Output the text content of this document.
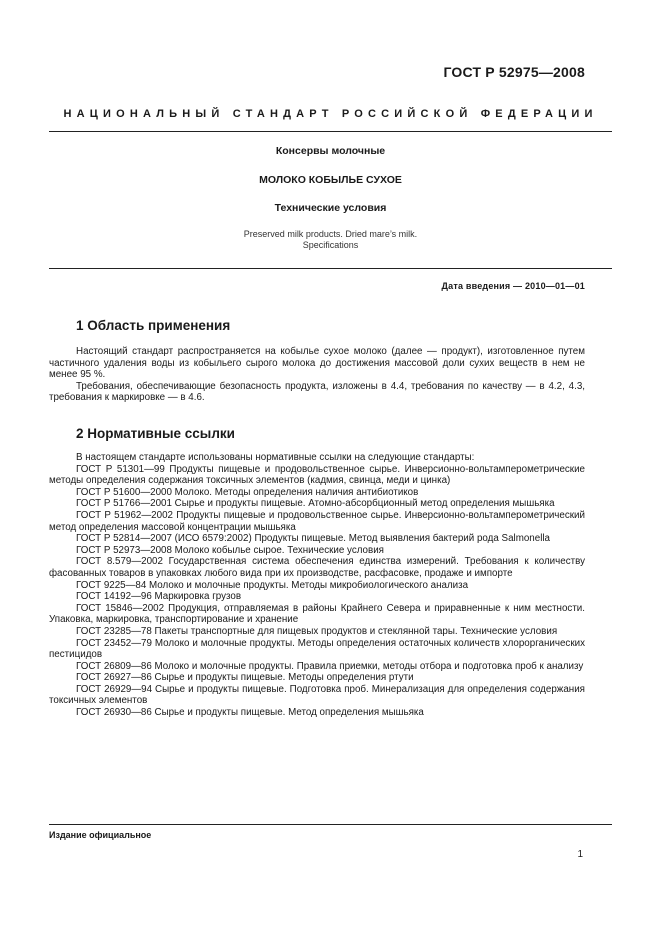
ГОСТ Р 52975—2008
НАЦИОНАЛЬНЫЙ СТАНДАРТ РОССИЙСКОЙ ФЕДЕРАЦИИ
Консервы молочные
МОЛОКО КОБЫЛЬЕ СУХОЕ
Технические условия
Preserved milk products. Dried mare’s milk.
Specifications
Дата введения — 2010—01—01
1 Область применения

Настоящий стандарт распространяется на кобылье сухое молоко (далее — продукт), изготовленное путем частичного удаления воды из кобыльего сырого молока до достижения массовой доли сухих веществ в нем не менее 95 %.

Требования, обеспечивающие безопасность продукта, изложены в 4.4, требования по качеству — в 4.2, 4.3, требования к маркировке — в 4.6.

2 Нормативные ссылки

В настоящем стандарте использованы нормативные ссылки на следующие стандарты:

ГОСТ Р 51301—99 Продукты пищевые и продовольственное сырье. Инверсионно-вольтамперометрические методы определения содержания токсичных элементов (кадмия, свинца, меди и цинка)

ГОСТ Р 51600—2000 Молоко. Методы определения наличия антибиотиков

ГОСТ Р 51766—2001 Сырье и продукты пищевые. Атомно-абсорбционный метод определения мышьяка

ГОСТ Р 51962—2002 Продукты пищевые и продовольственное сырье. Инверсионно-вольтамперометрический метод определения массовой концентрации мышьяка

ГОСТ Р 52814—2007 (ИСО 6579:2002) Продукты пищевые. Метод выявления бактерий рода Salmonella

ГОСТ Р 52973—2008 Молоко кобылье сырое. Технические условия

ГОСТ 8.579—2002 Государственная система обеспечения единства измерений. Требования к количеству фасованных товаров в упаковках любого вида при их производстве, расфасовке, продаже и импорте

ГОСТ 9225—84 Молоко и молочные продукты. Методы микробиологического анализа

ГОСТ 14192—96 Маркировка грузов

ГОСТ 15846—2002 Продукция, отправляемая в районы Крайнего Севера и приравненные к ним местности. Упаковка, маркировка, транспортирование и хранение

ГОСТ 23285—78 Пакеты транспортные для пищевых продуктов и стеклянной тары. Технические условия

ГОСТ 23452—79 Молоко и молочные продукты. Методы определения остаточных количеств хлорорганических пестицидов

ГОСТ 26809—86 Молоко и молочные продукты. Правила приемки, методы отбора и подготовка проб к анализу

ГОСТ 26927—86 Сырье и продукты пищевые. Методы определения ртути

ГОСТ 26929—94 Сырье и продукты пищевые. Подготовка проб. Минерализация для определения содержания токсичных элементов

ГОСТ 26930—86 Сырье и продукты пищевые. Метод определения мышьяка

Издание официальное
1
